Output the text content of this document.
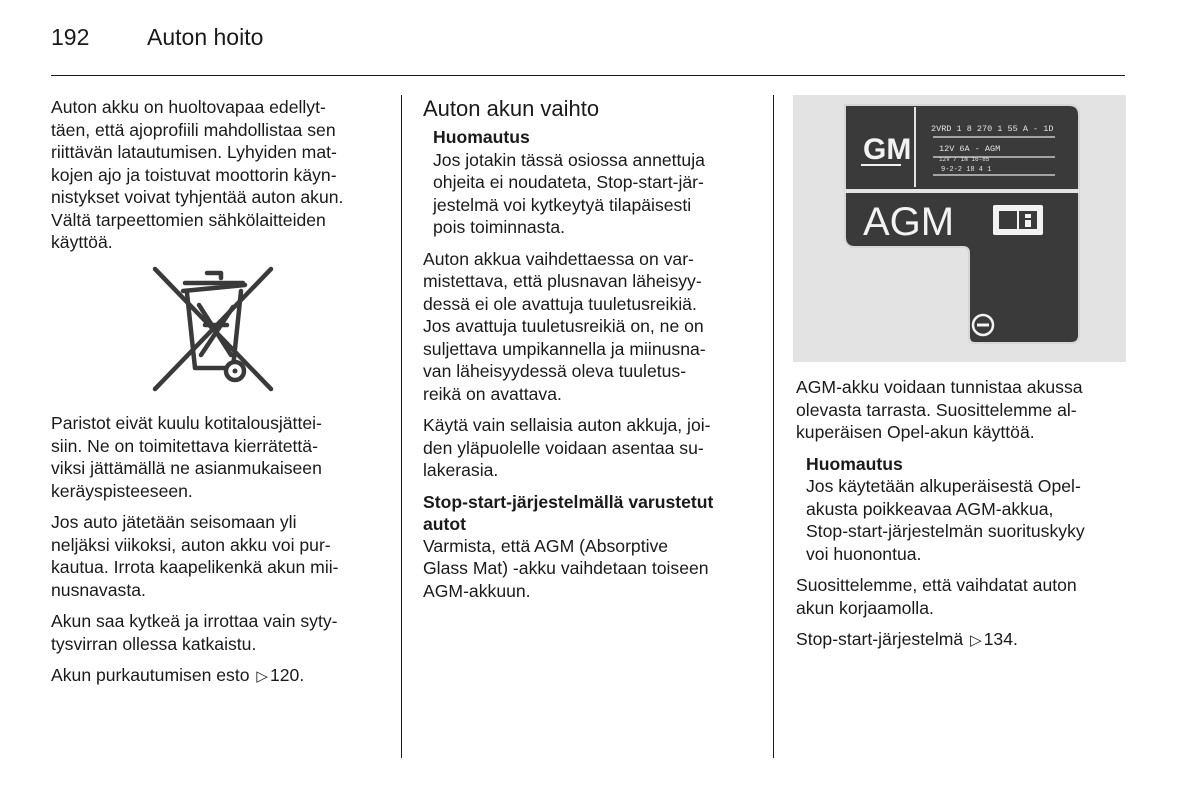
192	Auton hoito

Auton akku on huoltovapaa edellyt-
täen, että ajoprofiili mahdollistaa sen
riittävän latautumisen. Lyhyiden mat-
kojen ajo ja toistuvat moottorin käyn-
nistykset voivat tyhjentää auton akun.
Vältä tarpeettomien sähkölaitteiden
käyttöä.

Paristot eivät kuulu kotitalousjättei-
siin. Ne on toimitettava kierrätettä-
viksi jättämällä ne asianmukaiseen
keräyspisteeseen.

Jos auto jätetään seisomaan yli
neljäksi viikoksi, auton akku voi pur-
kautua. Irrota kaapelikenkä akun mii-
nusnavasta.

Akun saa kytkeä ja irrottaa vain syty-
tysvirran ollessa katkaistu.

Akun purkautumisen esto ▷ 120.

Auton akun vaihto
Huomautus
Jos jotakin tässä osiossa annettuja
ohjeita ei noudateta, Stop-start-jär-
jestelmä voi kytkeytyä tilapäisesti
pois toiminnasta.

Auton akkua vaihdettaessa on var-
mistettava, että plusnavan läheisyy-
dessä ei ole avattuja tuuletusreikiä.
Jos avattuja tuuletusreikiä on, ne on
suljettava umpikannella ja miinusna-
van läheisyydessä oleva tuuletus-
reikä on avattava.

Käytä vain sellaisia auton akkuja, joi-
den yläpuolelle voidaan asentaa su-
lakerasia.

Stop-start-järjestelmällä varustetut
autot

Varmista, että AGM (Absorptive
Glass Mat) -akku vaihdetaan toiseen
AGM-akkuun.

GM
2VRD 1 8 270 1 55 A - 1D
12V 6A - AGM
12V / 1N 16-85
9-2-2 18 4 1
AGM

AGM-akku voidaan tunnistaa akussa
olevasta tarrasta. Suosittelemme al-
kuperäisen Opel-akun käyttöä.

Huomautus
Jos käytetään alkuperäisestä Opel-
akusta poikkeavaa AGM-akkua,
Stop-start-järjestelmän suorituskyky
voi huonontua.

Suosittelemme, että vaihdatat auton
akun korjaamolla.

Stop-start-järjestelmä ▷ 134.
